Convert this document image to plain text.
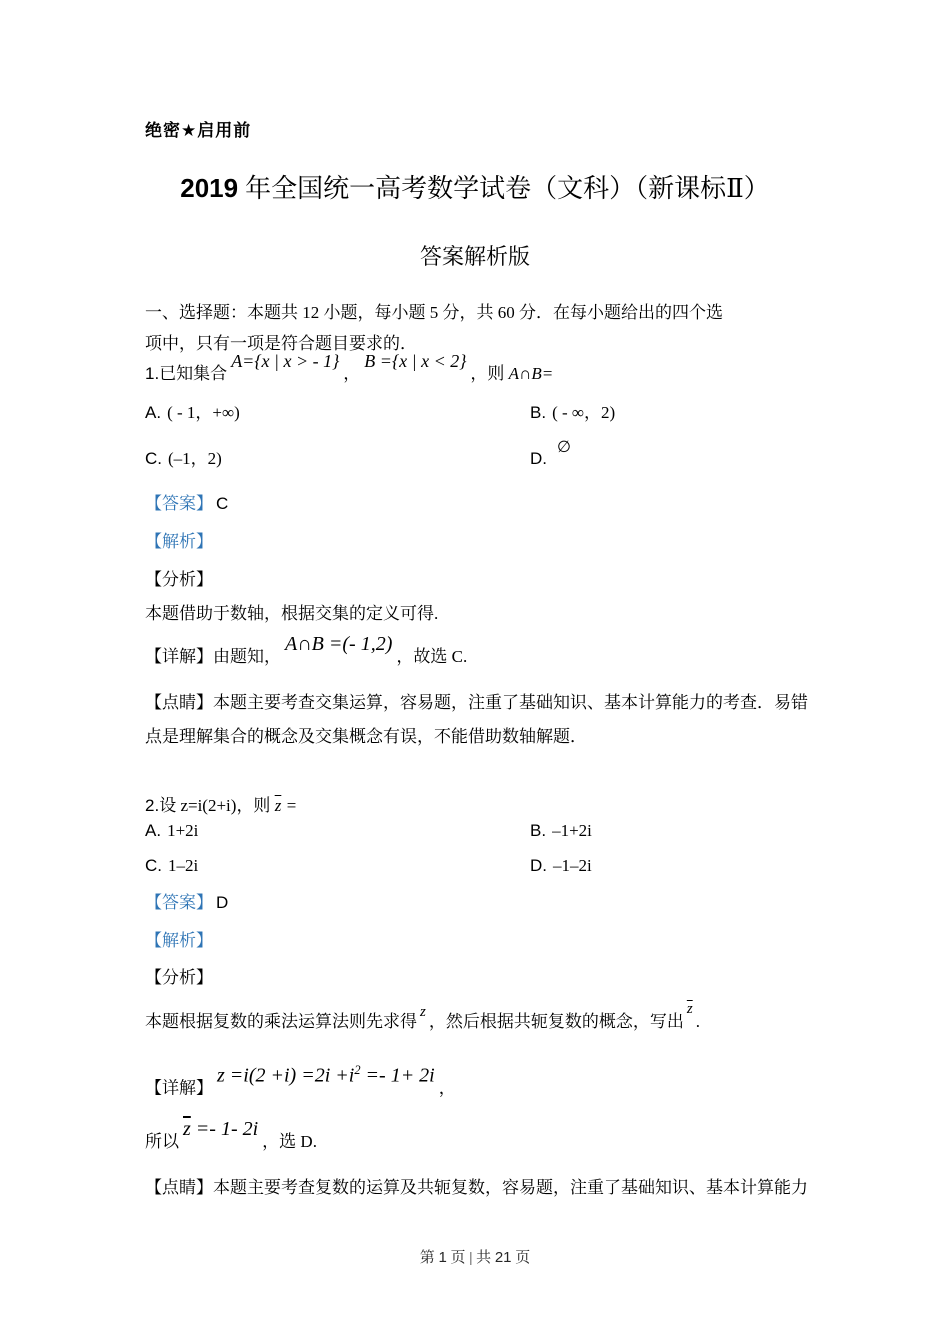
绝密★启用前
2019 年全国统一高考数学试卷（文科）（新课标Ⅱ）
答案解析版
一、选择题：本题共 12 小题，每小题 5 分，共 60 分．在每小题给出的四个选
项中，只有一项是符合题目要求的．
1.已知集合A={x | x > - 1}，B ={x | x < 2}，则 A∩B=
A. ( - 1，+∞)	B. ( - ∞，2)
C. (–1，2)	D.∅
【答案】 C
【解析】
【分析】
本题借助于数轴，根据交集的定义可得.
【详解】由题知，A∩B =(- 1,2)，故选 C.
【点睛】本题主要考查交集运算，容易题，注重了基础知识、基本计算能力的考查．易错
点是理解集合的概念及交集概念有误，不能借助数轴解题．
2.设 z=i(2+i)，则 $\overline{z}$ =
A. 1+2i	B. –1+2i
C. 1–2i	D. –1–2i
【答案】 D
【解析】
【分析】
本题根据复数的乘法运算法则先求得 z ，然后根据共轭复数的概念，写出$\overline{z}$.
【详解】$z =i(2 +i) =2i +i^2 =- 1+ 2i$，
所以$\overline{z} =- 1-$ 2i，选 D.
【点睛】本题主要考查复数的运算及共轭复数，容易题，注重了基础知识、基本计算能力
第 1 页 | 共 21 页
